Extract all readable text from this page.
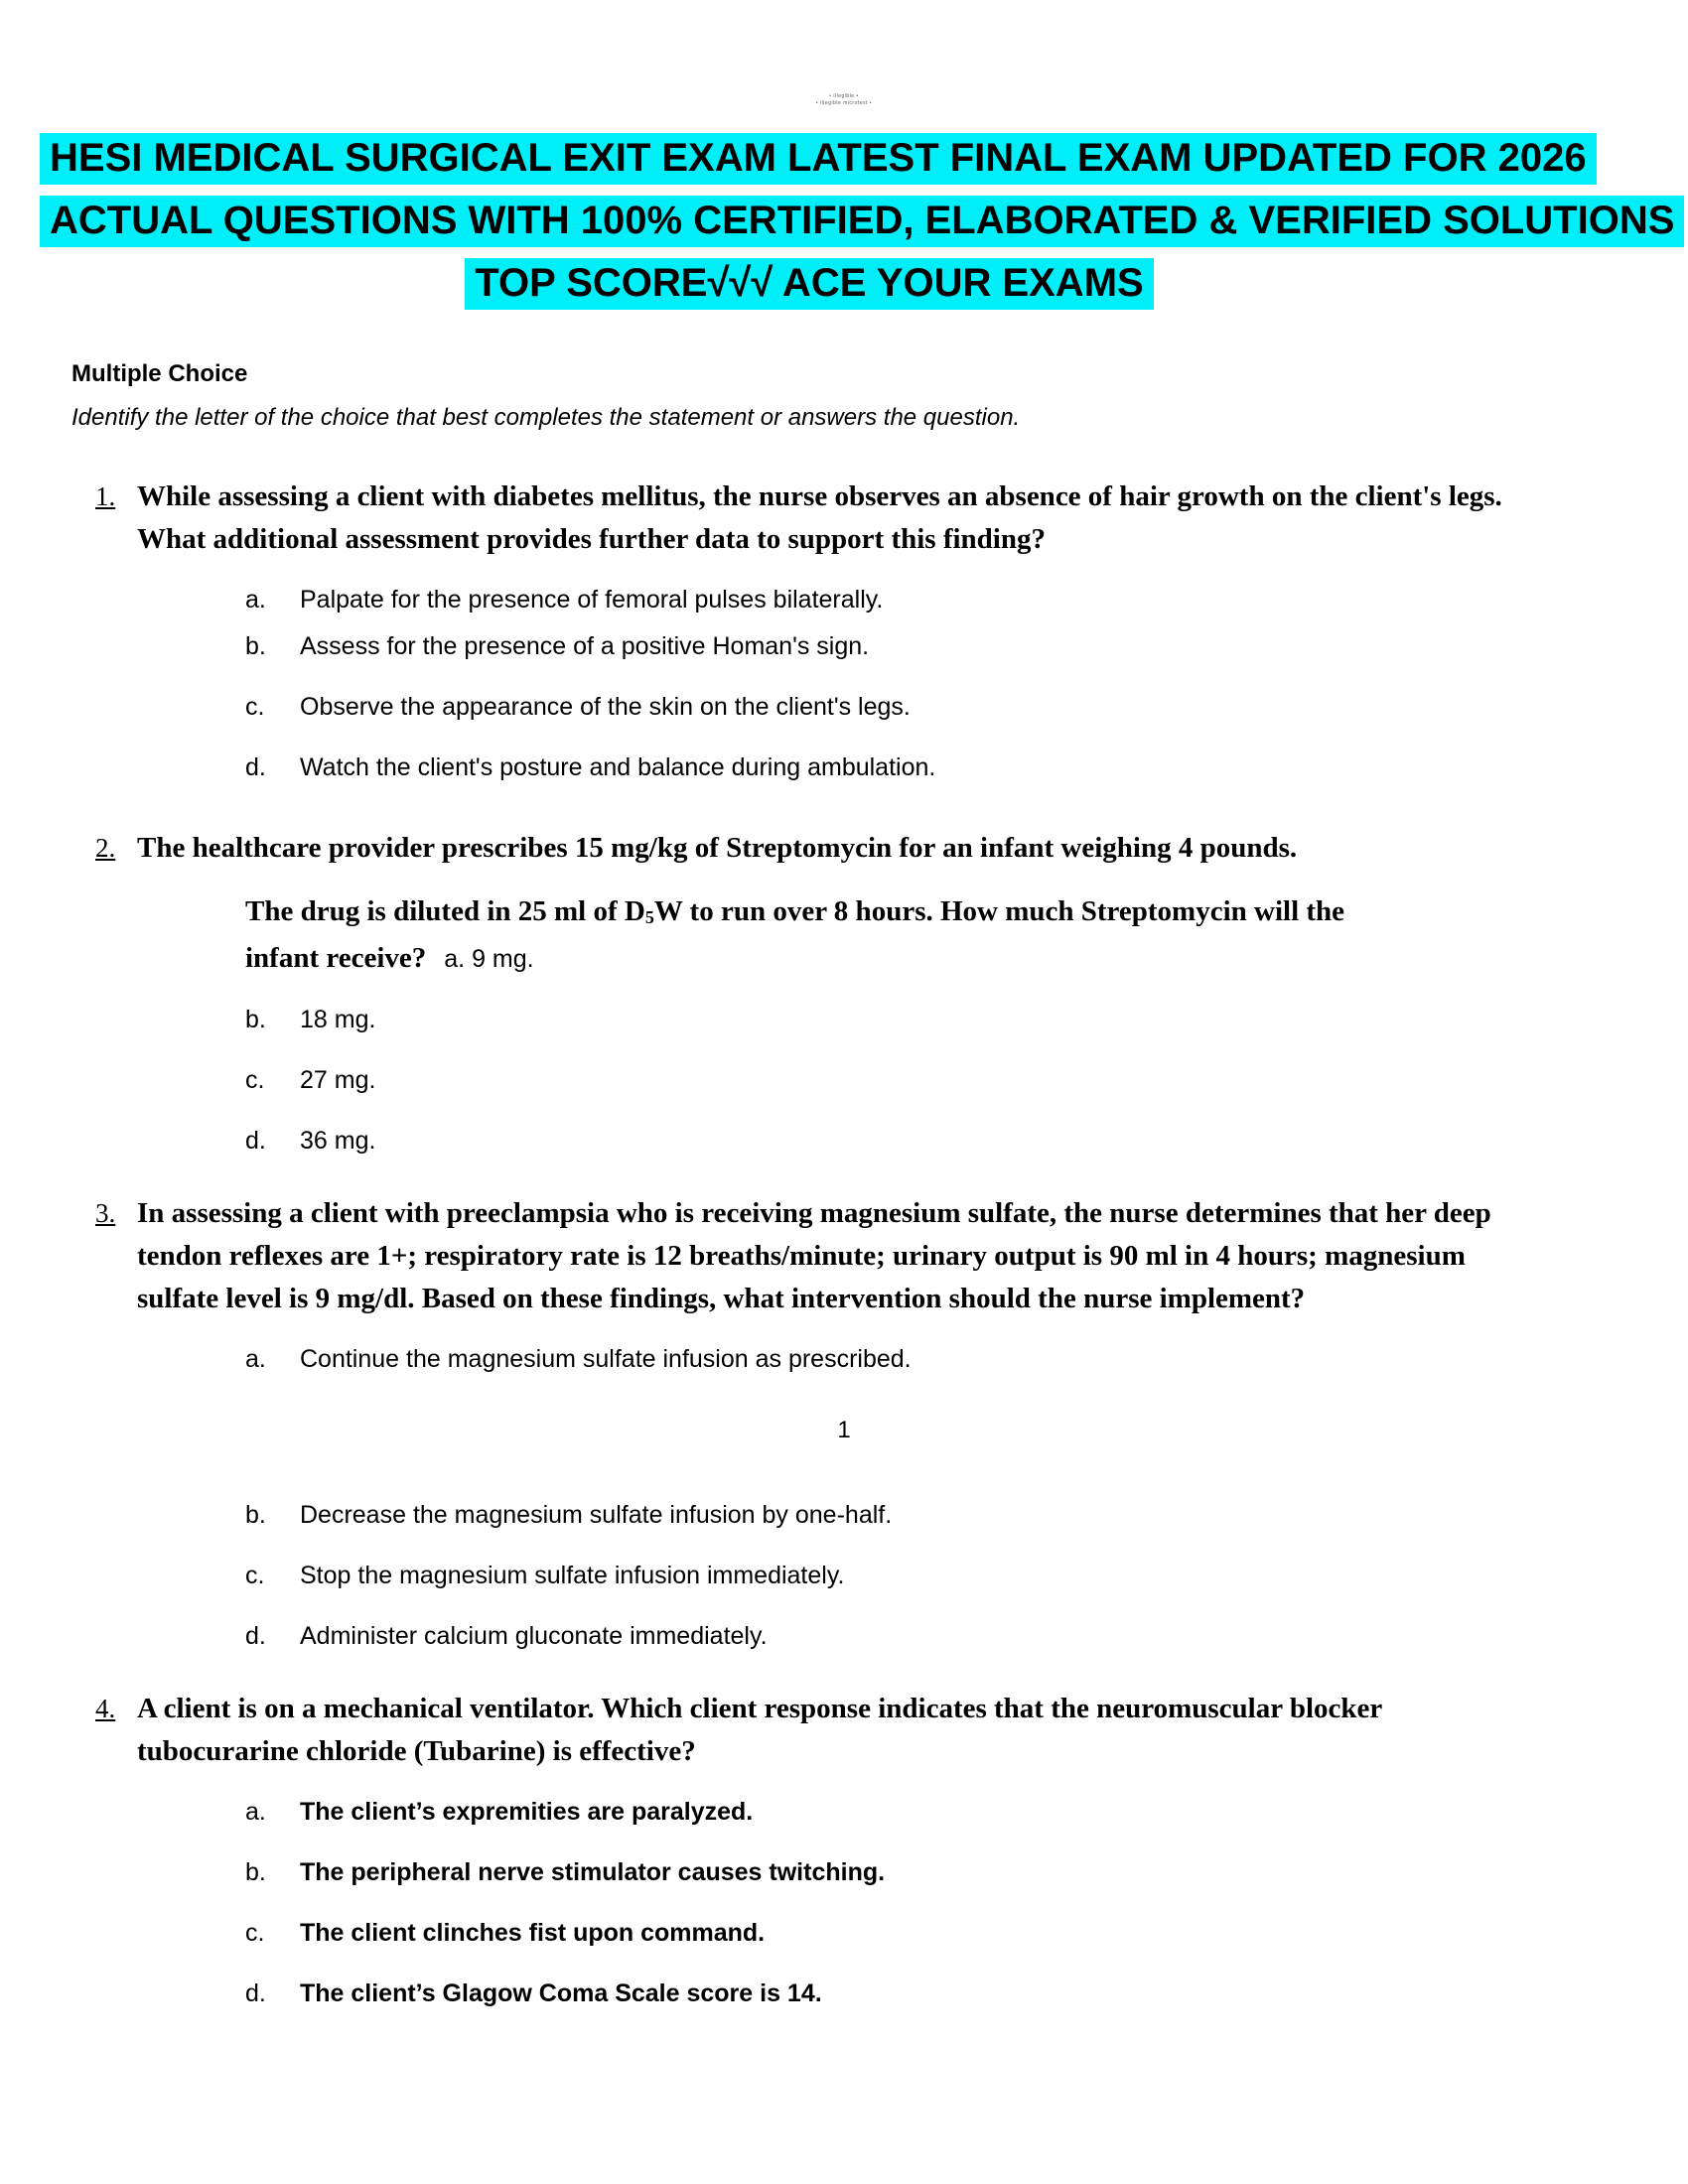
• illegible •
• illegible microtext •
HESI MEDICAL SURGICAL EXIT EXAM LATEST FINAL EXAM UPDATED FOR 2026
ACTUAL QUESTIONS WITH 100% CERTIFIED, ELABORATED & VERIFIED SOLUTIONS
TOP SCORE√√√ ACE YOUR EXAMS
Multiple Choice
Identify the letter of the choice that best completes the statement or answers the question.
1. While assessing a client with diabetes mellitus, the nurse observes an absence of hair growth on the client's legs. What additional assessment provides further data to support this finding?
a.	Palpate for the presence of femoral pulses bilaterally.
b.	Assess for the presence of a positive Homan's sign.
c.	Observe the appearance of the skin on the client's legs.
d.	Watch the client's posture and balance during ambulation.
2. The healthcare provider prescribes 15 mg/kg of Streptomycin for an infant weighing 4 pounds.
The drug is diluted in 25 ml of D5W to run over 8 hours. How much Streptomycin will the
infant receive? a. 9 mg.
b.	18 mg.
c.	27 mg.
d.	36 mg.
3. In assessing a client with preeclampsia who is receiving magnesium sulfate, the nurse determines that her deep tendon reflexes are 1+; respiratory rate is 12 breaths/minute; urinary output is 90 ml in 4 hours; magnesium sulfate level is 9 mg/dl. Based on these findings, what intervention should the nurse implement?
a.	Continue the magnesium sulfate infusion as prescribed.
1
b.	Decrease the magnesium sulfate infusion by one-half.
c.	Stop the magnesium sulfate infusion immediately.
d.	Administer calcium gluconate immediately.
4. A client is on a mechanical ventilator. Which client response indicates that the neuromuscular blocker tubocurarine chloride (Tubarine) is effective?
a.	The client’s expremities are paralyzed.
b.	The peripheral nerve stimulator causes twitching.
c.	The client clinches fist upon command.
d.	The client’s Glagow Coma Scale score is 14.
